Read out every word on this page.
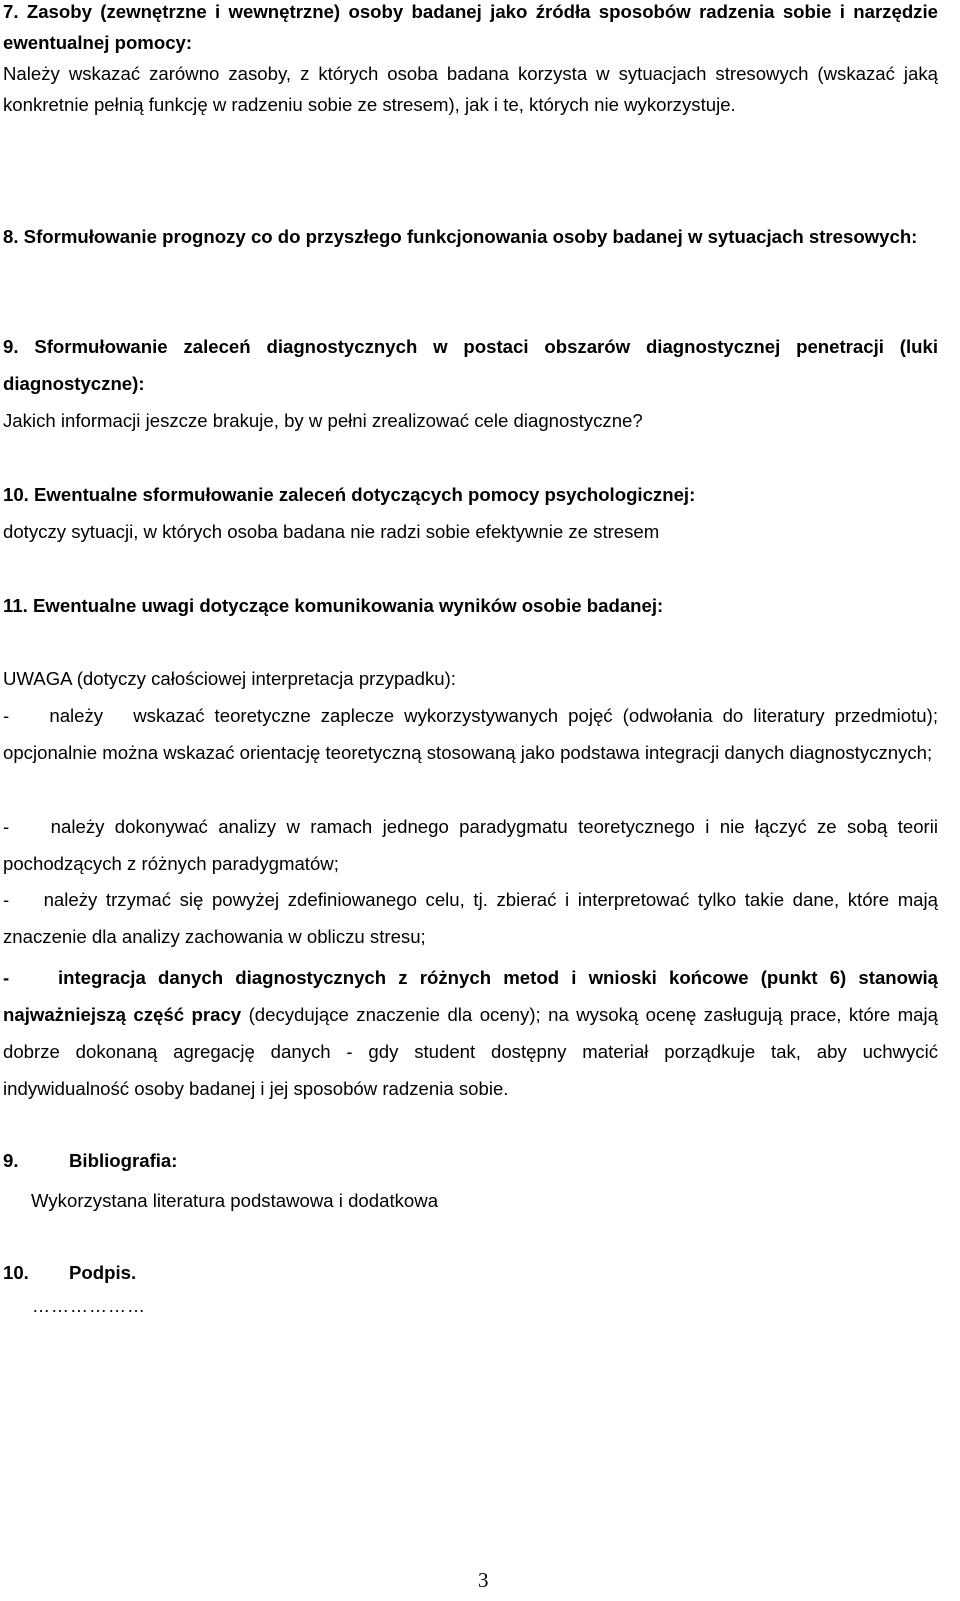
7. Zasoby (zewnętrzne i wewnętrzne) osoby badanej jako źródła sposobów radzenia sobie i narzędzie ewentualnej pomocy:
Należy wskazać zarówno zasoby, z których osoba badana korzysta w sytuacjach stresowych (wskazać jaką konkretnie pełnią funkcję w radzeniu sobie ze stresem), jak i te, których nie wykorzystuje.
8. Sformułowanie prognozy co do przyszłego funkcjonowania osoby badanej w sytuacjach stresowych:
9. Sformułowanie zaleceń diagnostycznych w postaci obszarów diagnostycznej penetracji (luki diagnostyczne):
Jakich informacji jeszcze brakuje, by w pełni zrealizować cele diagnostyczne?
10. Ewentualne sformułowanie zaleceń dotyczących pomocy psychologicznej:
dotyczy sytuacji, w których osoba badana nie radzi sobie efektywnie ze stresem
11. Ewentualne uwagi dotyczące komunikowania wyników osobie badanej:
UWAGA (dotyczy całościowej interpretacja przypadku):
-    należy   wskazać teoretyczne zaplecze wykorzystywanych pojęć (odwołania do literatury przedmiotu);   opcjonalnie można wskazać orientację teoretyczną stosowaną jako podstawa integracji danych diagnostycznych;
-    należy dokonywać analizy w ramach jednego paradygmatu teoretycznego i nie łączyć ze sobą teorii pochodzących z różnych paradygmatów;
-    należy trzymać się powyżej zdefiniowanego celu, tj. zbierać i interpretować tylko takie dane, które mają znaczenie dla analizy zachowania w obliczu stresu;
-    integracja danych diagnostycznych z różnych metod i wnioski końcowe (punkt 6) stanowią najważniejszą część pracy (decydujące znaczenie dla oceny); na wysoką ocenę zasługują prace, które mają dobrze dokonaną agregację danych - gdy student dostępny materiał porządkuje tak, aby uchwycić indywidualność osoby badanej i jej sposobów radzenia sobie.
9.	Bibliografia:
Wykorzystana literatura podstawowa i dodatkowa
10. Podpis.
………………
3
